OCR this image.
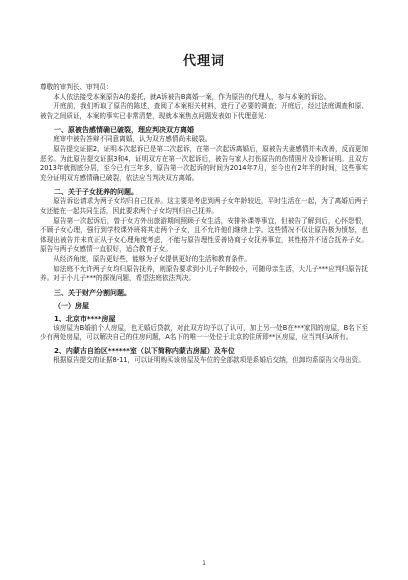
代理词

尊敬的审判长、审判员：

本人依法接受本案原告A的委托，就A诉被告B离婚一案，作为原告的代理人，参与本案的诉讼。

开庭前，我们听取了原告的陈述，查阅了本案相关材料，进行了必要的调查；开庭后，经过法庭调查和原、被告之间质证，本案的事实已非常清楚，现就本案焦点问题发表如下代理意见：

一、原被告感情确已破裂，理应判决双方离婚

庭审中被告答辩不同意离婚，认为双方感情尚未破裂。

原告提交证据2，证明本次起诉已是第二次起诉，在第一次起诉离婚后，原被告夫妻感情并未改善，反而更加恶劣。为此原告提交证据3和4，证明双方在第一次起诉后，被告与家人打伤原告的伤情照片及诊断证明。且双方2013年就彻底分居，至今已有三年多，原告第一次起诉的时间为2014年7月，至今也有2年半的时间，这些事实充分证明双方感情确已破裂，依法应当判决双方离婚。

二、关于子女抚养的问题。

原告诉讼请求为两子女均归自己抚养。这主要是考虑到两子女年龄较近，平时生活在一起，为了离婚后两子女还能在一起共同生活，因此要求两个子女均判归自己抚养。

原告第一次起诉后，曾于女方外出旅游期间照顾子女生活，安排补课等事宜，但被告了解到后，心怀怨恨，不顾子女心理，强行到学校课外班将其走两个子女，且不允许他们继续上学。这些情况不仅让原告极为愤怒，也体现出被告并未真正从子女心理角度考虑，不能与原告理性妥善协商子女抚养事宜，其性格并不适合抚养子女。原告与两子女感情一直很好，适合教育子女。

从经济角度，原告更好些，能够为子女提供更好的生活和教育条件。

如法庭不允许两子女均归原告抚养，则原告要求到小儿子年龄较小，可随母亲生活，大儿子***应判归原告抚养。对于小儿子***的探视问题，希望法庭依法判决。

三、关于财产分割问题。

（一）房屋

1、北京市****房屋

该房屋为B婚前个人房屋，也无婚后贷款，对此双方均予以了认可，加上另一处B在***家园的房屋，B名下至少有两处房屋，可以解决自己的住房问题，A名下的唯一一处位于北京的住所即**区房屋，应当判归A所有。

2、内蒙古自治区******室（以下简称内蒙古房屋）及车位

根据原告提交的证据8-11，可以证明购买该房屋及车位的全部款项是系婚后交纳，但卸均系原告父母出资。

1
